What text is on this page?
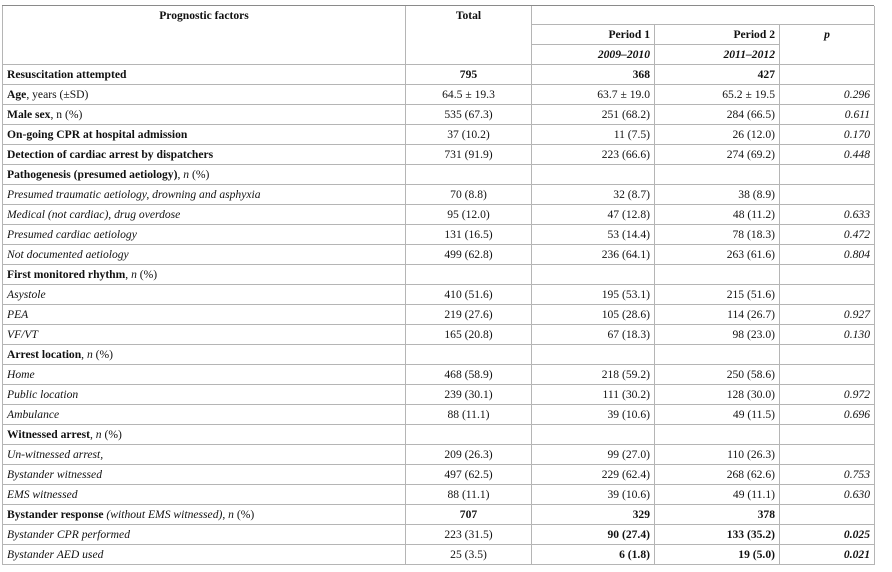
Prognostic factors	Total			
		Period 1	Period 2	p
		2009–2010	2011–2012	
Resuscitation attempted	795	368	427	
Age, years (±SD)	64.5 ± 19.3	63.7 ± 19.0	65.2 ± 19.5	0.296
Male sex, n (%)	535 (67.3)	251 (68.2)	284 (66.5)	0.611
On-going CPR at hospital admission	37 (10.2)	11 (7.5)	26 (12.0)	0.170
Detection of cardiac arrest by dispatchers	731 (91.9)	223 (66.6)	274 (69.2)	0.448
Pathogenesis (presumed aetiology), n (%)				
Presumed traumatic aetiology, drowning and asphyxia	70 (8.8)	32 (8.7)	38 (8.9)	
Medical (not cardiac), drug overdose	95 (12.0)	47 (12.8)	48 (11.2)	0.633
Presumed cardiac aetiology	131 (16.5)	53 (14.4)	78 (18.3)	0.472
Not documented aetiology	499 (62.8)	236 (64.1)	263 (61.6)	0.804
First monitored rhythm, n (%)				
Asystole	410 (51.6)	195 (53.1)	215 (51.6)	
PEA	219 (27.6)	105 (28.6)	114 (26.7)	0.927
VF/VT	165 (20.8)	67 (18.3)	98 (23.0)	0.130
Arrest location, n (%)				
Home	468 (58.9)	218 (59.2)	250 (58.6)	
Public location	239 (30.1)	111 (30.2)	128 (30.0)	0.972
Ambulance	88 (11.1)	39 (10.6)	49 (11.5)	0.696
Witnessed arrest, n (%)				
Un-witnessed arrest,	209 (26.3)	99 (27.0)	110 (26.3)	
Bystander witnessed	497 (62.5)	229 (62.4)	268 (62.6)	0.753
EMS witnessed	88 (11.1)	39 (10.6)	49 (11.1)	0.630
Bystander response (without EMS witnessed), n (%)	707	329	378	
Bystander CPR performed	223 (31.5)	90 (27.4)	133 (35.2)	0.025
Bystander AED used	25 (3.5)	6 (1.8)	19 (5.0)	0.021
